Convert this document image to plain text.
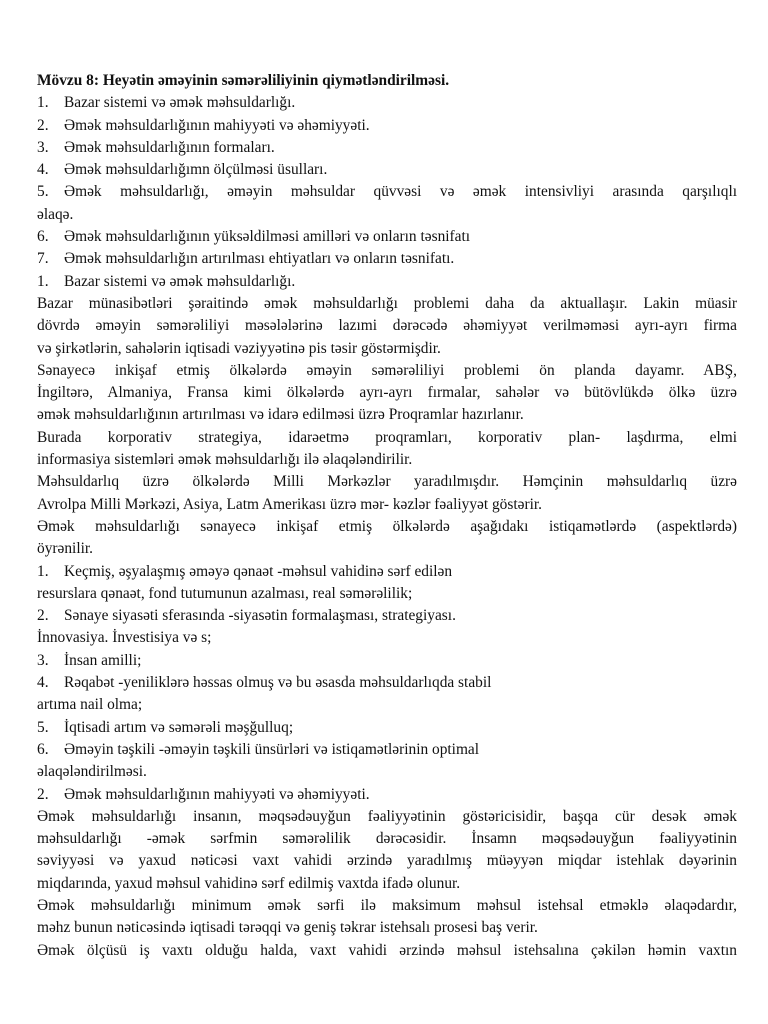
Mövzu 8: Heyətin əməyinin səmərəliliyinin qiymətləndirilməsi.
1. Bazar sistemi və əmək məhsuldarlığı.
2. Əmək məhsuldarlığının mahiyyəti və əhəmiyyəti.
3. Əmək məhsuldarlığının formaları.
4. Əmək məhsuldarlığımn ölçülməsi üsulları.
5. Əmək məhsuldarlığı, əməyin məhsuldar qüvvəsi və əmək intensivliyi arasında qarşılıqlı
əlaqə.
6. Əmək məhsuldarlığının yüksəldilməsi amilləri və onların təsnifatı
7. Əmək məhsuldarlığın artırılması ehtiyatları və onların təsnifatı.
1. Bazar sistemi və əmək məhsuldarlığı.
Bazar münasibətləri şəraitində əmək məhsuldarlığı problemi daha da aktuallaşır. Lakin müasir
dövrdə əməyin səmərəliliyi məsələlərinə lazımi dərəcədə əhəmiyyət verilməməsi ayrı-ayrı firma
və şirkətlərin, sahələrin iqtisadi vəziyyətinə pis təsir göstərmişdir.
Sənayecə inkişaf etmiş ölkələrdə əməyin səmərəliliyi problemi ön planda dayamr. ABŞ,
İngiltərə, Almaniya, Fransa kimi ölkələrdə ayrı-ayrı fırmalar, sahələr və bütövlükdə ölkə üzrə
əmək məhsuldarlığının artırılması və idarə edilməsi üzrə Proqramlar hazırlanır.
Burada korporativ strategiya, idarəetmə proqramları, korporativ plan- laşdırma, elmi
informasiya sistemləri əmək məhsuldarlığı ilə əlaqələndirilir.
Məhsuldarlıq üzrə ölkələrdə Milli Mərkəzlər yaradılmışdır. Həmçinin məhsuldarlıq üzrə
Avrolpa Milli Mərkəzi, Asiya, Latm Amerikası üzrə mər- kəzlər fəaliyyət göstərir.
Əmək məhsuldarlığı sənayecə inkişaf etmiş ölkələrdə aşağıdakı istiqamətlərdə (aspektlərdə)
öyrənilir.
1. Keçmiş, əşyalaşmış əməyə qənaət -məhsul vahidinə sərf edilən
resurslara qənaət, fond tutumunun azalması, real səmərəlilik;
2. Sənaye siyasəti sferasında -siyasətin formalaşması, strategiyası.
İnnovasiya. İnvestisiya və s;
3. İnsan amilli;
4. Rəqabət -yeniliklərə həssas olmuş və bu əsasda məhsuldarlıqda stabil
artıma nail olma;
5. İqtisadi artım və səmərəli məşğulluq;
6. Əməyin təşkili -əməyin təşkili ünsürləri və istiqamətlərinin optimal
əlaqələndirilməsi.
2. Əmək məhsuldarlığının mahiyyəti və əhəmiyyəti.
Əmək məhsuldarlığı insanın, məqsədəuyğun fəaliyyətinin göstəricisidir, başqa cür desək əmək
məhsuldarlığı -əmək sərfmin səmərəlilik dərəcəsidir. İnsamn məqsədəuyğun fəaliyyətinin
səviyyəsi və yaxud nəticəsi vaxt vahidi ərzində yaradılmış müəyyən miqdar istehlak dəyərinin
miqdarında, yaxud məhsul vahidinə sərf edilmiş vaxtda ifadə olunur.
Əmək məhsuldarlığı minimum əmək sərfi ilə maksimum məhsul istehsal etməklə əlaqədardır,
məhz bunun nəticəsində iqtisadi tərəqqi və geniş təkrar istehsalı prosesi baş verir.
Əmək ölçüsü iş vaxtı olduğu halda, vaxt vahidi ərzində məhsul istehsalına çəkilən həmin vaxtın
